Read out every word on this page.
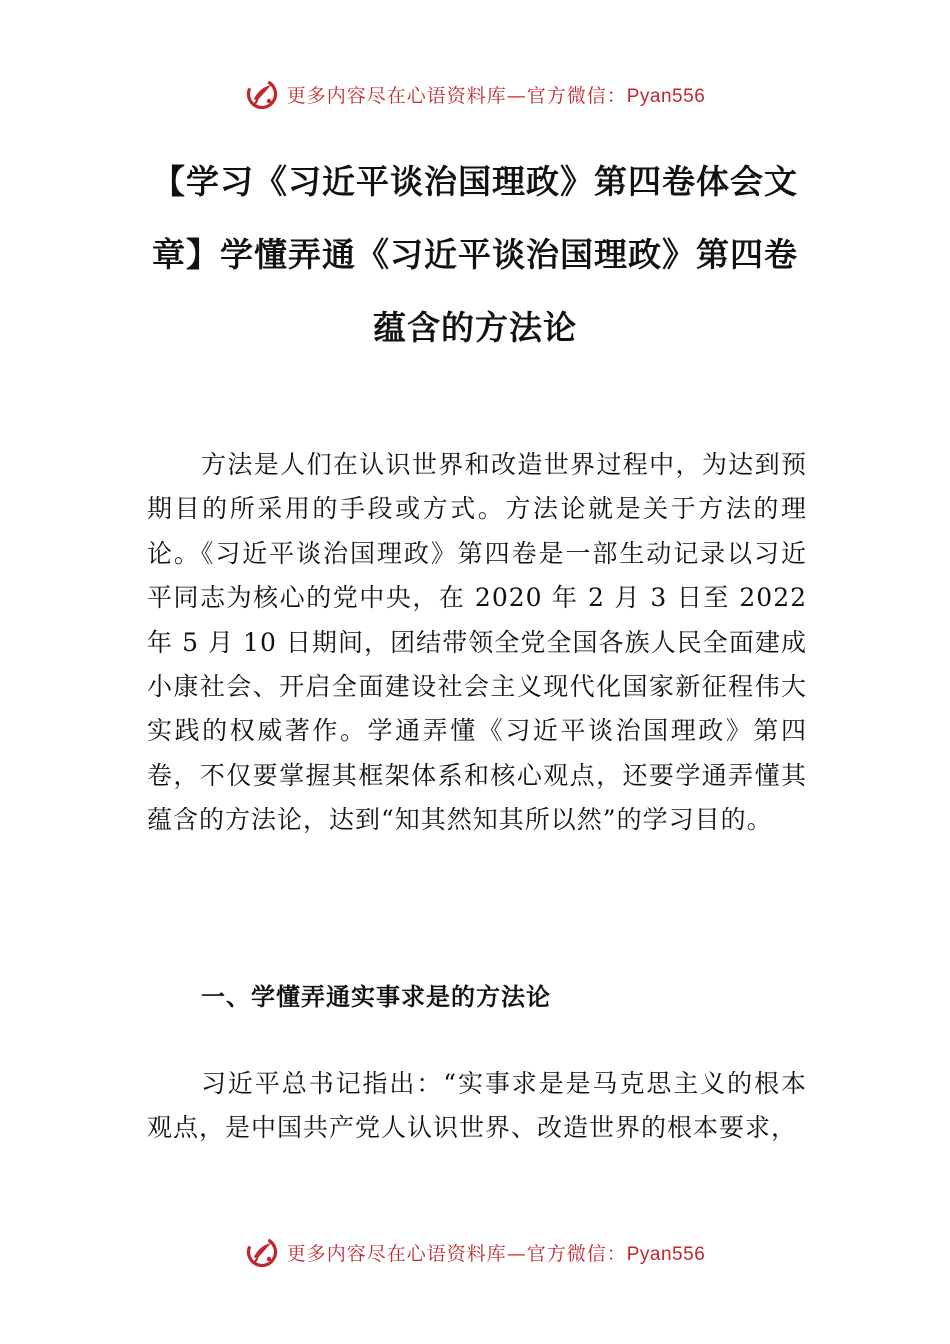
更多内容尽在心语资料库—官方微信：Pyan556
【学习《习近平谈治国理政》第四卷体会文章】学懂弄通《习近平谈治国理政》第四卷蕴含的方法论

方法是人们在认识世界和改造世界过程中，为达到预期目的所采用的手段或方式。方法论就是关于方法的理论。《习近平谈治国理政》第四卷是一部生动记录以习近平同志为核心的党中央，在 2020 年 2 月 3 日至 2022 年 5 月 10 日期间，团结带领全党全国各族人民全面建成小康社会、开启全面建设社会主义现代化国家新征程伟大实践的权威著作。学通弄懂《习近平谈治国理政》第四卷，不仅要掌握其框架体系和核心观点，还要学通弄懂其蕴含的方法论，达到“知其然知其所以然”的学习目的。

一、学懂弄通实事求是的方法论

习近平总书记指出：“实事求是是马克思主义的根本观点，是中国共产党人认识世界、改造世界的根本要求，

更多内容尽在心语资料库—官方微信：Pyan556
